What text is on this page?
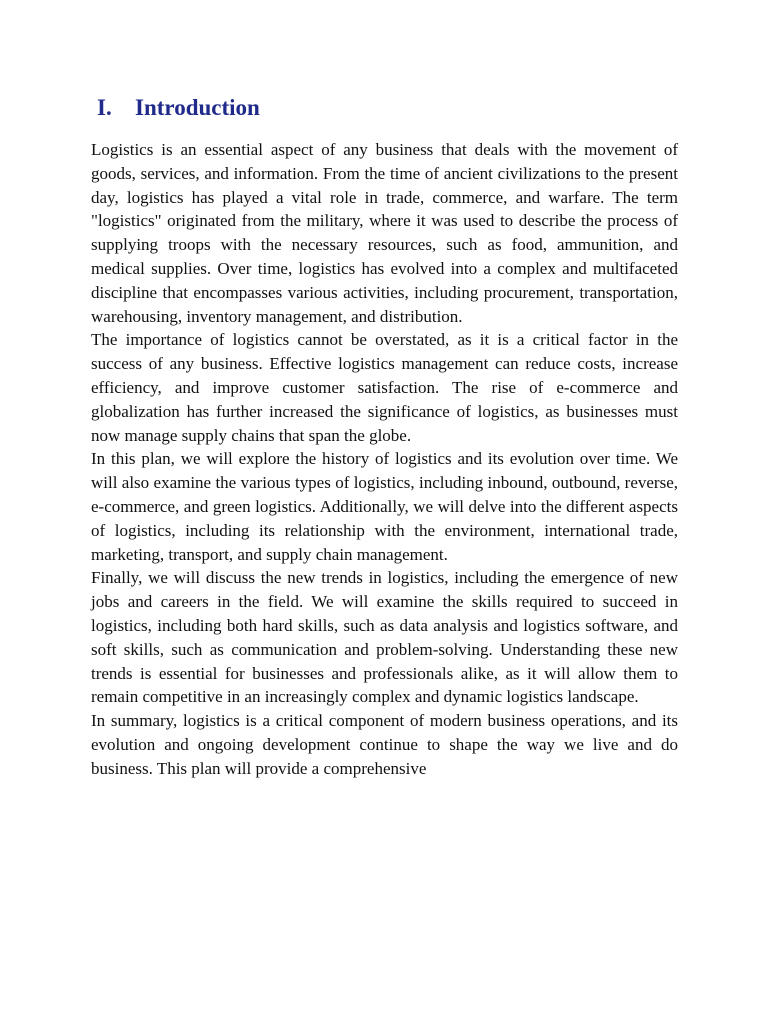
I. Introduction

Logistics is an essential aspect of any business that deals with the movement of goods, services, and information. From the time of ancient civilizations to the present day, logistics has played a vital role in trade, commerce, and warfare. The term "logistics" originated from the military, where it was used to describe the process of supplying troops with the necessary resources, such as food, ammunition, and medical supplies. Over time, logistics has evolved into a complex and multifaceted discipline that encompasses various activities, including procurement, transportation, warehousing, inventory management, and distribution.

The importance of logistics cannot be overstated, as it is a critical factor in the success of any business. Effective logistics management can reduce costs, increase efficiency, and improve customer satisfaction. The rise of e-commerce and globalization has further increased the significance of logistics, as businesses must now manage supply chains that span the globe.

In this plan, we will explore the history of logistics and its evolution over time. We will also examine the various types of logistics, including inbound, outbound, reverse, e-commerce, and green logistics. Additionally, we will delve into the different aspects of logistics, including its relationship with the environment, international trade, marketing, transport, and supply chain management.

Finally, we will discuss the new trends in logistics, including the emergence of new jobs and careers in the field. We will examine the skills required to succeed in logistics, including both hard skills, such as data analysis and logistics software, and soft skills, such as communication and problem-solving. Understanding these new trends is essential for businesses and professionals alike, as it will allow them to remain competitive in an increasingly complex and dynamic logistics landscape.

In summary, logistics is a critical component of modern business operations, and its evolution and ongoing development continue to shape the way we live and do business. This plan will provide a comprehensive
